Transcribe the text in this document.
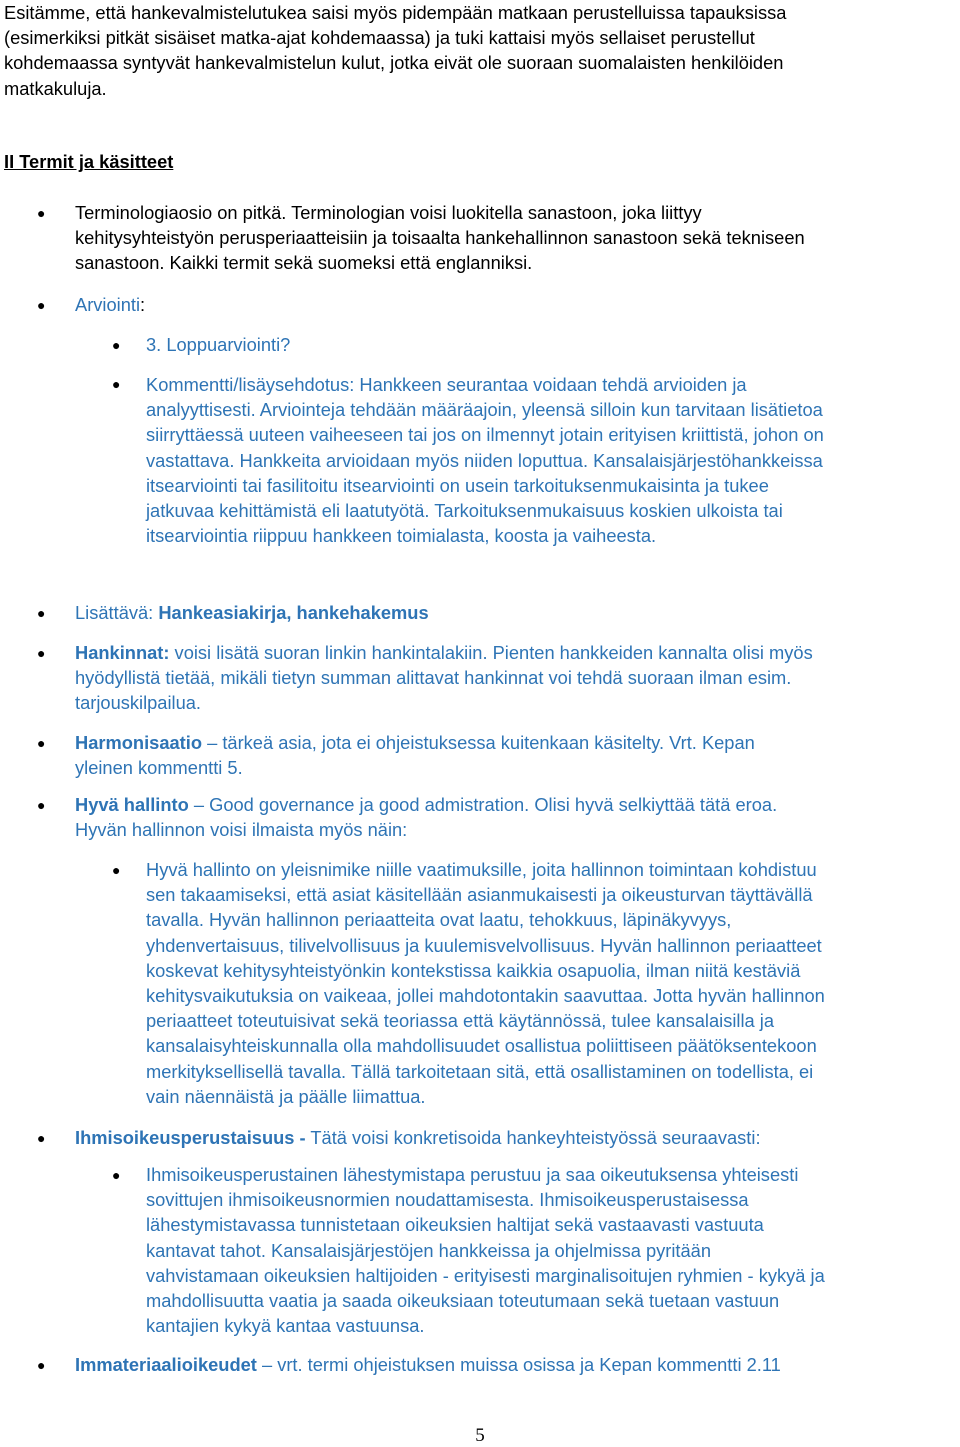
Esitämme, että hankevalmistelutukea saisi myös pidempään matkaan perustelluissa tapauksissa
(esimerkiksi pitkät sisäiset matka-ajat kohdemaassa) ja tuki kattaisi myös sellaiset perustellut
kohdemaassa syntyvät hankevalmistelun kulut, jotka eivät ole suoraan suomalaisten henkilöiden
matkakuluja.

II Termit ja käsitteet

● Terminologiaosio on pitkä. Terminologian voisi luokitella sanastoon, joka liittyy
kehitysyhteistyön perusperiaatteisiin ja toisaalta hankehallinnon sanastoon sekä tekniseen
sanastoon. Kaikki termit sekä suomeksi että englanniksi.

● Arviointi:

● 3. Loppuarviointi?

● Kommentti/lisäysehdotus: Hankkeen seurantaa voidaan tehdä arvioiden ja
analyyttisesti. Arviointeja tehdään määräajoin, yleensä silloin kun tarvitaan lisätietoa
siirryttäessä uuteen vaiheeseen tai jos on ilmennyt jotain erityisen kriittistä, johon on
vastattava. Hankkeita arvioidaan myös niiden loputtua. Kansalaisjärjestöhankkeissa
itsearviointi tai fasilitoitu itsearviointi on usein tarkoituksenmukaisinta ja tukee
jatkuvaa kehittämistä eli laatutyötä. Tarkoituksenmukaisuus koskien ulkoista tai
itsearviointia riippuu hankkeen toimialasta, koosta ja vaiheesta.

● Lisättävä: Hankeasiakirja, hankehakemus

● Hankinnat: voisi lisätä suoran linkin hankintalakiin. Pienten hankkeiden kannalta olisi myös
hyödyllistä tietää, mikäli tietyn summan alittavat hankinnat voi tehdä suoraan ilman esim.
tarjouskilpailua.

● Harmonisaatio – tärkeä asia, jota ei ohjeistuksessa kuitenkaan käsitelty. Vrt. Kepan
yleinen kommentti 5.

● Hyvä hallinto – Good governance ja good admistration. Olisi hyvä selkiyttää tätä eroa.
Hyvän hallinnon voisi ilmaista myös näin:

● Hyvä hallinto on yleisnimike niille vaatimuksille, joita hallinnon toimintaan kohdistuu
sen takaamiseksi, että asiat käsitellään asianmukaisesti ja oikeusturvan täyttävällä
tavalla. Hyvän hallinnon periaatteita ovat laatu, tehokkuus, läpinäkyvyys,
yhdenvertaisuus, tilivelvollisuus ja kuulemisvelvollisuus. Hyvän hallinnon periaatteet
koskevat kehitysyhteistyönkin kontekstissa kaikkia osapuolia, ilman niitä kestäviä
kehitysvaikutuksia on vaikeaa, jollei mahdotontakin saavuttaa. Jotta hyvän hallinnon
periaatteet toteutuisivat sekä teoriassa että käytännössä, tulee kansalaisilla ja
kansalaisyhteiskunnalla olla mahdollisuudet osallistua poliittiseen päätöksentekoon
merkityksellisellä tavalla. Tällä tarkoitetaan sitä, että osallistaminen on todellista, ei
vain näennäistä ja päälle liimattua.

● Ihmisoikeusperustaisuus - Tätä voisi konkretisoida hankeyhteistyössä seuraavasti:

● Ihmisoikeusperustainen lähestymistapa perustuu ja saa oikeutuksensa yhteisesti
sovittujen ihmisoikeusnormien noudattamisesta. Ihmisoikeusperustaisessa
lähestymistavassa tunnistetaan oikeuksien haltijat sekä vastaavasti vastuuta
kantavat tahot. Kansalaisjärjestöjen hankkeissa ja ohjelmissa pyritään
vahvistamaan oikeuksien haltijoiden - erityisesti marginalisoitujen ryhmien - kykyä ja
mahdollisuutta vaatia ja saada oikeuksiaan toteutumaan sekä tuetaan vastuun
kantajien kykyä kantaa vastuunsa.

● Immateriaalioikeudet – vrt. termi ohjeistuksen muissa osissa ja Kepan kommentti 2.11

5
